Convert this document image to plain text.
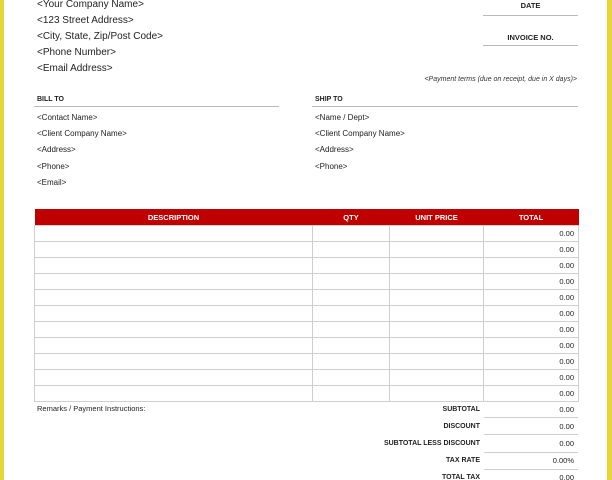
<Your Company Name>
<123 Street Address>
<City, State, Zip/Post Code>
<Phone Number>
<Email Address>
DATE
INVOICE NO.
<Payment terms (due on receipt, due in X days)>
BILL TO
<Contact Name>
<Client Company Name>
<Address>
<Phone>
<Email>
SHIP TO
<Name / Dept>
<Client Company Name>
<Address>
<Phone>
DESCRIPTION	QTY	UNIT PRICE	TOTAL
			0.00
			0.00
			0.00
			0.00
			0.00
			0.00
			0.00
			0.00
			0.00
			0.00
			0.00
Remarks / Payment Instructions:	SUBTOTAL	0.00
DISCOUNT	0.00
SUBTOTAL LESS DISCOUNT	0.00
TAX RATE	0.00%
TOTAL TAX	0.00
